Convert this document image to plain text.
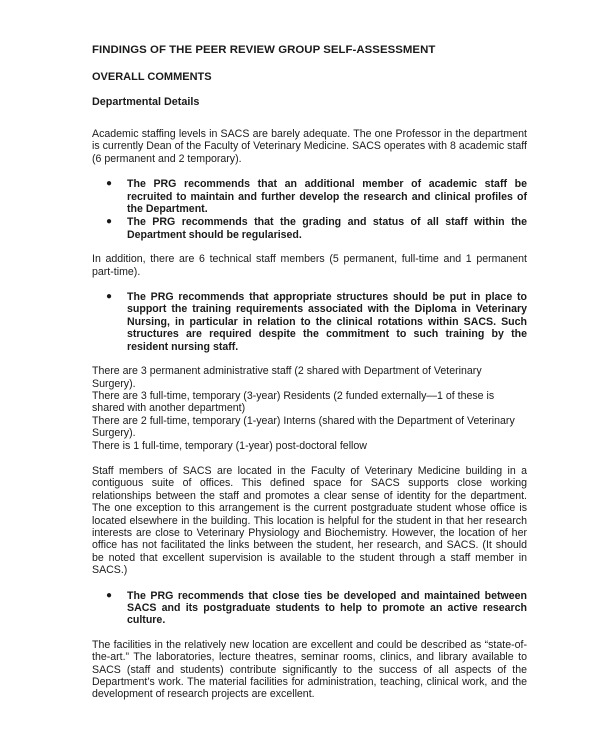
FINDINGS OF THE PEER REVIEW GROUP SELF-ASSESSMENT
OVERALL COMMENTS
Departmental Details

Academic staffing levels in SACS are barely adequate. The one Professor in the department is currently Dean of the Faculty of Veterinary Medicine. SACS operates with 8 academic staff (6 permanent and 2 temporary).

● The PRG recommends that an additional member of academic staff be recruited to maintain and further develop the research and clinical profiles of the Department.
● The PRG recommends that the grading and status of all staff within the Department should be regularised.

In addition, there are 6 technical staff members (5 permanent, full-time and 1 permanent part-time).

● The PRG recommends that appropriate structures should be put in place to support the training requirements associated with the Diploma in Veterinary Nursing, in particular in relation to the clinical rotations within SACS. Such structures are required despite the commitment to such training by the resident nursing staff.

There are 3 permanent administrative staff (2 shared with Department of Veterinary Surgery).

There are 3 full-time, temporary (3-year) Residents (2 funded externally—1 of these is shared with another department)

There are 2 full-time, temporary (1-year) Interns (shared with the Department of Veterinary Surgery).

There is 1 full-time, temporary (1-year) post-doctoral fellow

Staff members of SACS are located in the Faculty of Veterinary Medicine building in a contiguous suite of offices. This defined space for SACS supports close working relationships between the staff and promotes a clear sense of identity for the department. The one exception to this arrangement is the current postgraduate student whose office is located elsewhere in the building. This location is helpful for the student in that her research interests are close to Veterinary Physiology and Biochemistry. However, the location of her office has not facilitated the links between the student, her research, and SACS. (It should be noted that excellent supervision is available to the student through a staff member in SACS.)

● The PRG recommends that close ties be developed and maintained between SACS and its postgraduate students to help to promote an active research culture.

The facilities in the relatively new location are excellent and could be described as “state-of-the-art.” The laboratories, lecture theatres, seminar rooms, clinics, and library available to SACS (staff and students) contribute significantly to the success of all aspects of the Department’s work. The material facilities for administration, teaching, clinical work, and the development of research projects are excellent.
